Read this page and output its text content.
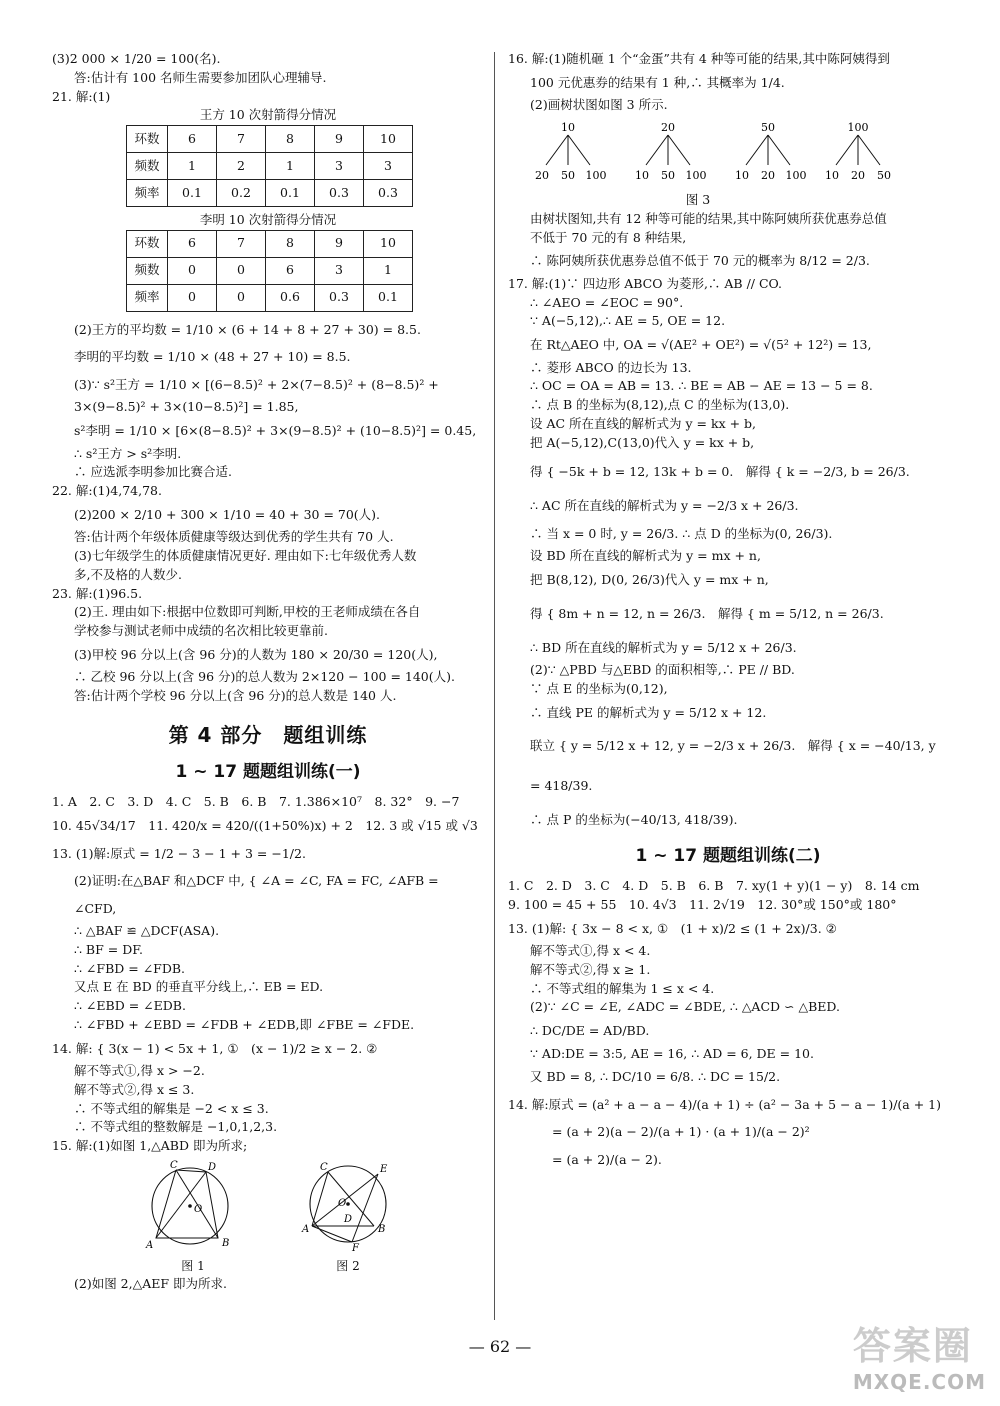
(3)2 000 × 1/20 = 100(名).
答:估计有 100 名师生需要参加团队心理辅导.
21. 解:(1)

王方 10 次射箭得分情况

环数	6	7	8	9	10
频数	1	2	1	3	3
频率	0.1	0.2	0.1	0.3	0.3

李明 10 次射箭得分情况

环数	6	7	8	9	10
频数	0	0	6	3	1
频率	0	0	0.6	0.3	0.1
(2)王方的平均数 = 1/10 × (6 + 14 + 8 + 27 + 30) = 8.5.
李明的平均数 = 1/10 × (48 + 27 + 10) = 8.5.
(3)∵ s²王方 = 1/10 × [(6−8.5)² + 2×(7−8.5)² + (8−8.5)² +
3×(9−8.5)² + 3×(10−8.5)²] = 1.85,
s²李明 = 1/10 × [6×(8−8.5)² + 3×(9−8.5)² + (10−8.5)²] = 0.45,
∴ s²王方 > s²李明.
∴ 应选派李明参加比赛合适.
22. 解:(1)4,74,78.
(2)200 × 2/10 + 300 × 1/10 = 40 + 30 = 70(人).
答:估计两个年级体质健康等级达到优秀的学生共有 70 人.
(3)七年级学生的体质健康情况更好. 理由如下:七年级优秀人数
多,不及格的人数少.
23. 解:(1)96.5.
(2)王. 理由如下:根据中位数即可判断,甲校的王老师成绩在各自
学校参与测试老师中成绩的名次相比较更靠前.
(3)甲校 96 分以上(含 96 分)的人数为 180 × 20/30 = 120(人),
∴ 乙校 96 分以上(含 96 分)的总人数为 2×120 − 100 = 140(人).
答:估计两个学校 96 分以上(含 96 分)的总人数是 140 人.
第 4 部分　题组训练
1 ~ 17 题题组训练(一)
1. A　2. C　3. D　4. C　5. B　6. B　7. 1.386×10⁷　8. 32°　9. −7
10. 45√34/17　11. 420/x = 420/((1+50%)x) + 2　12. 3 或 √15 或 √3
13. (1)解:原式 = 1/2 − 3 − 1 + 3 = −1/2.
(2)证明:在△BAF 和△DCF 中, { ∠A = ∠C, FA = FC, ∠AFB = ∠CFD,
∴ △BAF ≌ △DCF(ASA).
∴ BF = DF.
∴ ∠FBD = ∠FDB.
又点 E 在 BD 的垂直平分线上,∴ EB = ED.
∴ ∠EBD = ∠EDB.
∴ ∠FBD + ∠EBD = ∠FDB + ∠EDB,即 ∠FBE = ∠FDE.
14. 解: { 3(x − 1) < 5x + 1, ①　(x − 1)/2 ≥ x − 2. ②
解不等式①,得 x > −2.
解不等式②,得 x ≤ 3.
∴ 不等式组的解集是 −2 < x ≤ 3.
∴ 不等式组的整数解是 −1,0,1,2,3.
15. 解:(1)如图 1,△ABD 即为所求;
C	D
O
A	B
图 1
C	E
O
A
D
B
F
图 2
(2)如图 2,△AEF 即为所求.
16. 解:(1)随机砸 1 个“金蛋”共有 4 种等可能的结果,其中陈阿姨得到
100 元优惠券的结果有 1 种,∴ 其概率为 1/4.
(2)画树状图如图 3 所示.
10
20 50 100
20
10 50 100
50
10 20 100
100
10 20 50

图 3

由树状图知,共有 12 种等可能的结果,其中陈阿姨所获优惠券总值
不低于 70 元的有 8 种结果,
∴ 陈阿姨所获优惠券总值不低于 70 元的概率为 8/12 = 2/3.
17. 解:(1)∵ 四边形 ABCO 为菱形,∴ AB // CO.
∴ ∠AEO = ∠EOC = 90°.
∵ A(−5,12),∴ AE = 5, OE = 12.
在 Rt△AEO 中, OA = √(AE² + OE²) = √(5² + 12²) = 13,
∴ 菱形 ABCO 的边长为 13.
∴ OC = OA = AB = 13. ∴ BE = AB − AE = 13 − 5 = 8.
∴ 点 B 的坐标为(8,12),点 C 的坐标为(13,0).
设 AC 所在直线的解析式为 y = kx + b,
把 A(−5,12),C(13,0)代入 y = kx + b,
得 { −5k + b = 12, 13k + b = 0.　解得 { k = −2/3, b = 26/3.
∴ AC 所在直线的解析式为 y = −2/3 x + 26/3.
∴ 当 x = 0 时, y = 26/3. ∴ 点 D 的坐标为(0, 26/3).
设 BD 所在直线的解析式为 y = mx + n,
把 B(8,12), D(0, 26/3)代入 y = mx + n,
得 { 8m + n = 12, n = 26/3.　解得 { m = 5/12, n = 26/3.
∴ BD 所在直线的解析式为 y = 5/12 x + 26/3.
(2)∵ △PBD 与△EBD 的面积相等,∴ PE // BD.
∵ 点 E 的坐标为(0,12),
∴ 直线 PE 的解析式为 y = 5/12 x + 12.
联立 { y = 5/12 x + 12, y = −2/3 x + 26/3.　解得 { x = −40/13, y = 418/39.
∴ 点 P 的坐标为(−40/13, 418/39).
1 ~ 17 题题组训练(二)
1. C　2. D　3. C　4. D　5. B　6. B　7. xy(1 + y)(1 − y)　8. 14 cm
9. 100 = 45 + 55　10. 4√3　11. 2√19　12. 30°或 150°或 180°
13. (1)解: { 3x − 8 < x, ①　(1 + x)/2 ≤ (1 + 2x)/3. ②
解不等式①,得 x < 4.
解不等式②,得 x ≥ 1.
∴ 不等式组的解集为 1 ≤ x < 4.
(2)∵ ∠C = ∠E, ∠ADC = ∠BDE, ∴ △ACD ∽ △BED.
∴ DC/DE = AD/BD.
∵ AD:DE = 3:5, AE = 16, ∴ AD = 6, DE = 10.
又 BD = 8, ∴ DC/10 = 6/8. ∴ DC = 15/2.
14. 解:原式 = (a² + a − a − 4)/(a + 1) ÷ (a² − 3a + 5 − a − 1)/(a + 1)
= (a + 2)(a − 2)/(a + 1) · (a + 1)/(a − 2)²
= (a + 2)/(a − 2).
— 62 —	答案圈
MXQE.COM
